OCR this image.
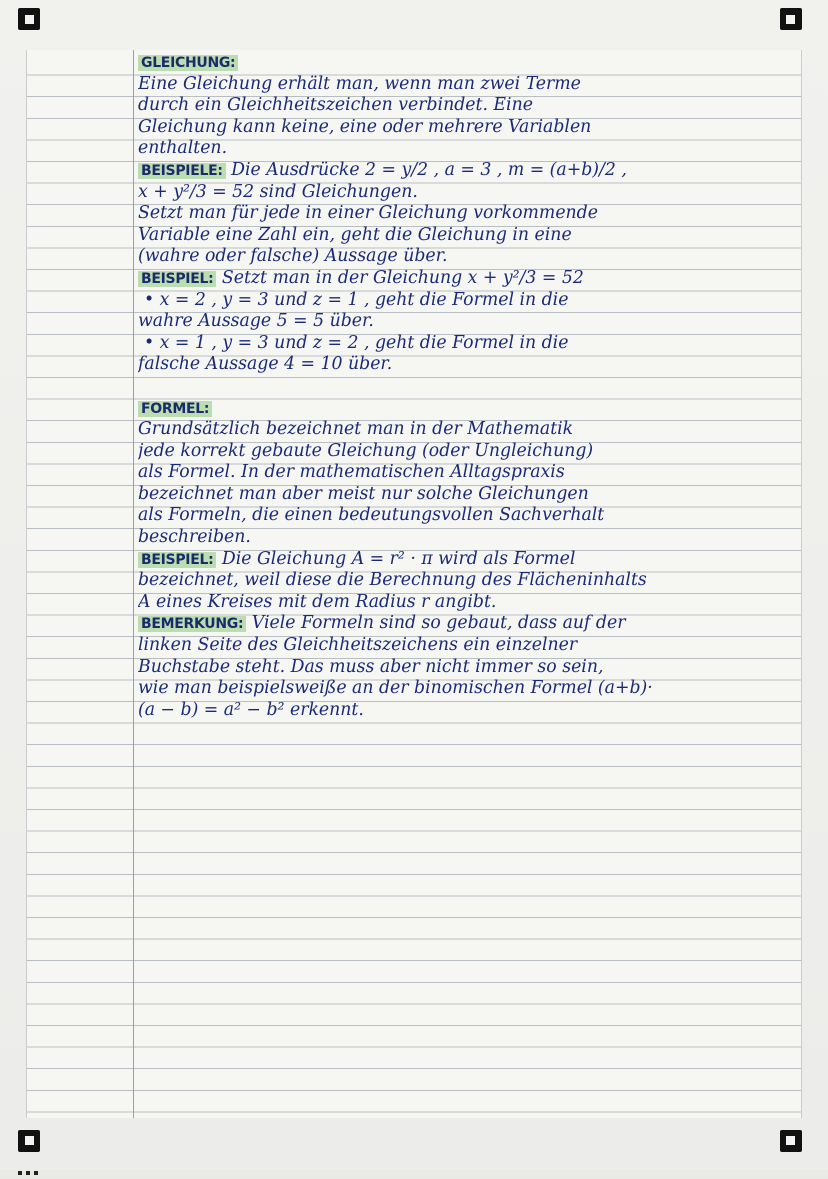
GLEICHUNG:
Eine Gleichung erhält man, wenn man zwei Terme
durch ein Gleichheitszeichen verbindet. Eine
Gleichung kann keine, eine oder mehrere Variablen
enthalten.
BEISPIELE: Die Ausdrücke 2 = y/2 , a = 3 , m = (a+b)/2 ,
x + y²/3 = 52 sind Gleichungen.
Setzt man für jede in einer Gleichung vorkommende
Variable eine Zahl ein, geht die Gleichung in eine
(wahre oder falsche) Aussage über.
BEISPIEL: Setzt man in der Gleichung x + y²/3 = 52
• x = 2 , y = 3 und z = 1 , geht die Formel in die
wahre Aussage 5 = 5 über.
• x = 1 , y = 3 und z = 2 , geht die Formel in die
falsche Aussage 4 = 10 über.
FORMEL:
Grundsätzlich bezeichnet man in der Mathematik
jede korrekt gebaute Gleichung (oder Ungleichung)
als Formel. In der mathematischen Alltagspraxis
bezeichnet man aber meist nur solche Gleichungen
als Formeln, die einen bedeutungsvollen Sachverhalt
beschreiben.
BEISPIEL: Die Gleichung A = r² · π wird als Formel
bezeichnet, weil diese die Berechnung des Flächeninhalts
A eines Kreises mit dem Radius r angibt.
BEMERKUNG: Viele Formeln sind so gebaut, dass auf der
linken Seite des Gleichheitszeichens ein einzelner
Buchstabe steht. Das muss aber nicht immer so sein,
wie man beispielsweiße an der binomischen Formel (a+b)·
(a − b) = a² − b² erkennt.
